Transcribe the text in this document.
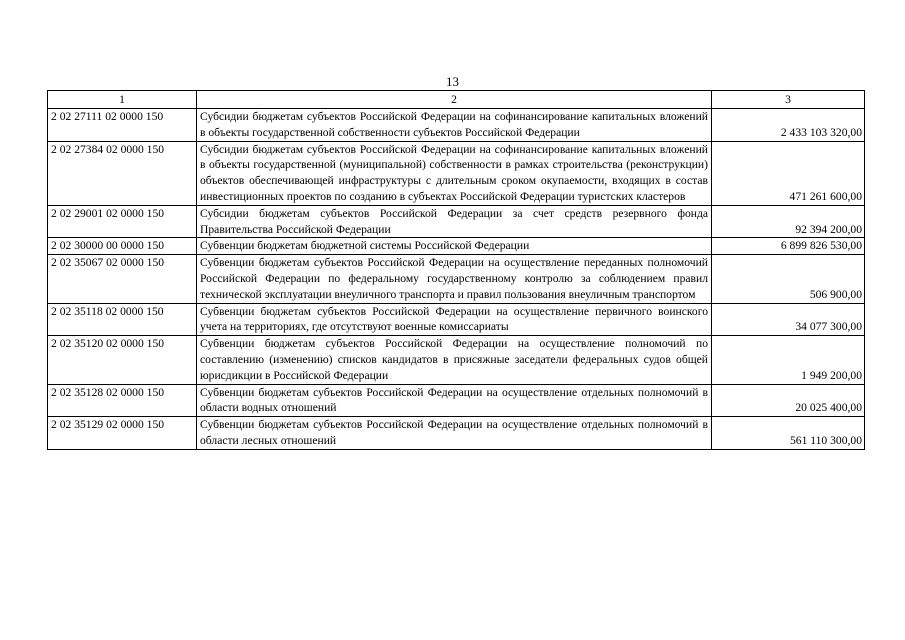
13
1	2	3
2 02 27111 02 0000 150	Субсидии бюджетам субъектов Российской Федерации на софинансирование капитальных вложений в объекты государственной собственности субъектов Российской Федерации	2 433 103 320,00
2 02 27384 02 0000 150	Субсидии бюджетам субъектов Российской Федерации на софинансирование капитальных вложений в объекты государственной (муниципальной) собственности в рамках строительства (реконструкции) объектов обеспечивающей инфраструктуры с длительным сроком окупаемости, входящих в состав инвестиционных проектов по созданию в субъектах Российской Федерации туристских кластеров	471 261 600,00
2 02 29001 02 0000 150	Субсидии бюджетам субъектов Российской Федерации за счет средств резервного фонда Правительства Российской Федерации	92 394 200,00
2 02 30000 00 0000 150	Субвенции бюджетам бюджетной системы Российской Федерации	6 899 826 530,00
2 02 35067 02 0000 150	Субвенции бюджетам субъектов Российской Федерации на осуществление переданных полномочий Российской Федерации по федеральному государственному контролю за соблюдением правил технической эксплуатации внеуличного транспорта и правил пользования внеуличным транспортом	506 900,00
2 02 35118 02 0000 150	Субвенции бюджетам субъектов Российской Федерации на осуществление первичного воинского учета на территориях, где отсутствуют военные комиссариаты	34 077 300,00
2 02 35120 02 0000 150	Субвенции бюджетам субъектов Российской Федерации на осуществление полномочий по составлению (изменению) списков кандидатов в присяжные заседатели федеральных судов общей юрисдикции в Российской Федерации	1 949 200,00
2 02 35128 02 0000 150	Субвенции бюджетам субъектов Российской Федерации на осуществление отдельных полномочий в области водных отношений	20 025 400,00
2 02 35129 02 0000 150	Субвенции бюджетам субъектов Российской Федерации на осуществление отдельных полномочий в области лесных отношений	561 110 300,00
